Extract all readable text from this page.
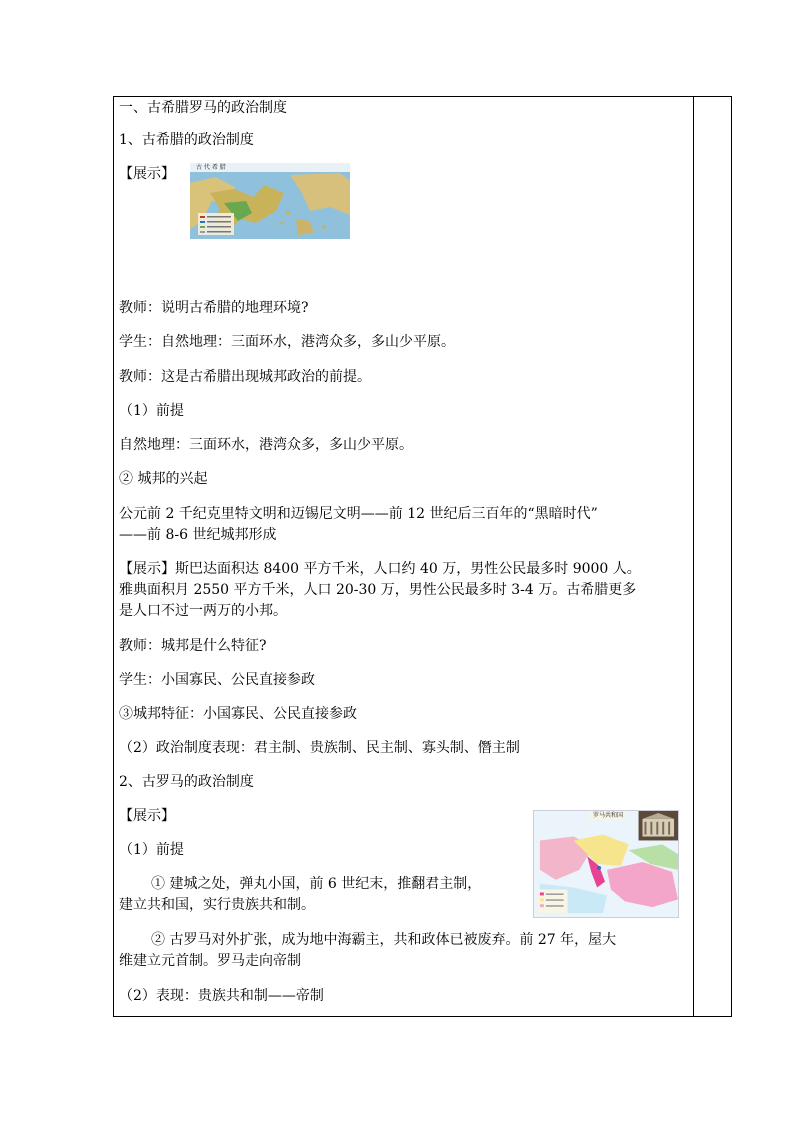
一、古希腊罗马的政治制度
1、古希腊的政治制度
【展示】	古 代 希 腊
教师：说明古希腊的地理环境?
学生：自然地理：三面环水，港湾众多，多山少平原。
教师：这是古希腊出现城邦政治的前提。
（1）前提
自然地理：三面环水，港湾众多，多山少平原。
② 城邦的兴起
公元前 2 千纪克里特文明和迈锡尼文明——前 12 世纪后三百年的“黑暗时代”
——前 8-6 世纪城邦形成
【展示】斯巴达面积达 8400 平方千米，人口约 40 万，男性公民最多时 9000 人。
雅典面积月 2550 平方千米，人口 20-30 万，男性公民最多时 3-4 万。古希腊更多
是人口不过一两万的小邦。
教师：城邦是什么特征?
学生：小国寡民、公民直接参政
③城邦特征：小国寡民、公民直接参政
（2）政治制度表现：君主制、贵族制、民主制、寡头制、僭主制
2、古罗马的政治制度
【展示】	罗马共和国
（1）前提
① 建城之处，弹丸小国，前 6 世纪末，推翻君主制，
建立共和国，实行贵族共和制。
② 古罗马对外扩张，成为地中海霸主，共和政体已被废弃。前 27 年，屋大
维建立元首制。罗马走向帝制
（2）表现：贵族共和制——帝制
